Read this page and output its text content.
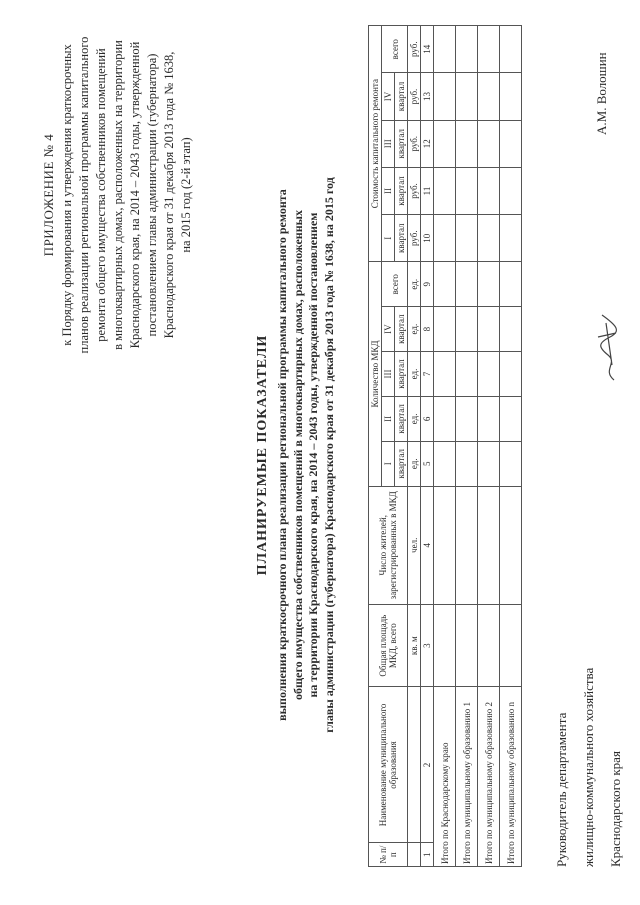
ПРИЛОЖЕНИЕ № 4 к Порядку формирования и утверждения краткосрочных планов реализации региональной программы капитального ремонта общего имущества собственников помещений в многоквартирных домах, расположенных на территории Краснодарского края, на 2014 – 2043 годы, утвержденной постановлением главы администрации (губернатора) Краснодарского края от 31 декабря 2013 года № 1638, на 2015 год (2-й этап)
ПЛАНИРУЕМЫЕ ПОКАЗАТЕЛИ выполнения краткосрочного плана реализации региональной программы капитального ремонта общего имущества собственников помещений в многоквартирных домах, расположенных на территории Краснодарского края, на 2014 – 2043 годы, утвержденной постановлением главы администрации (губернатора) Краснодарского края от 31 декабря 2013 года № 1638, на 2015 год
№ п/п	Наименование муниципального образования	Общая площадь МКД, всего	Число жителей, зарегистрированных в МКД	Количество МКД					Стоимость капитального ремонта				
				I	II	III	IV	всего	I	II	III	IV	всего
				квартал	квартал	квартал	квартал		квартал	квартал	квартал	квартал	
		кв. м	чел.	ед.	ед.	ед.	ед.	ед.	руб.	руб.	руб.	руб.	руб.
1	2	3	4	5	6	7	8	9	10	11	12	13	14
Итого по Краснодарскому краю													
Итого по муниципальному образованию 1													
Итого по муниципальному образованию 2													
Итого по муниципальному образованию n														Руководитель департамента жилищно-коммунального хозяйства Краснодарского края
А.М. Волошин
